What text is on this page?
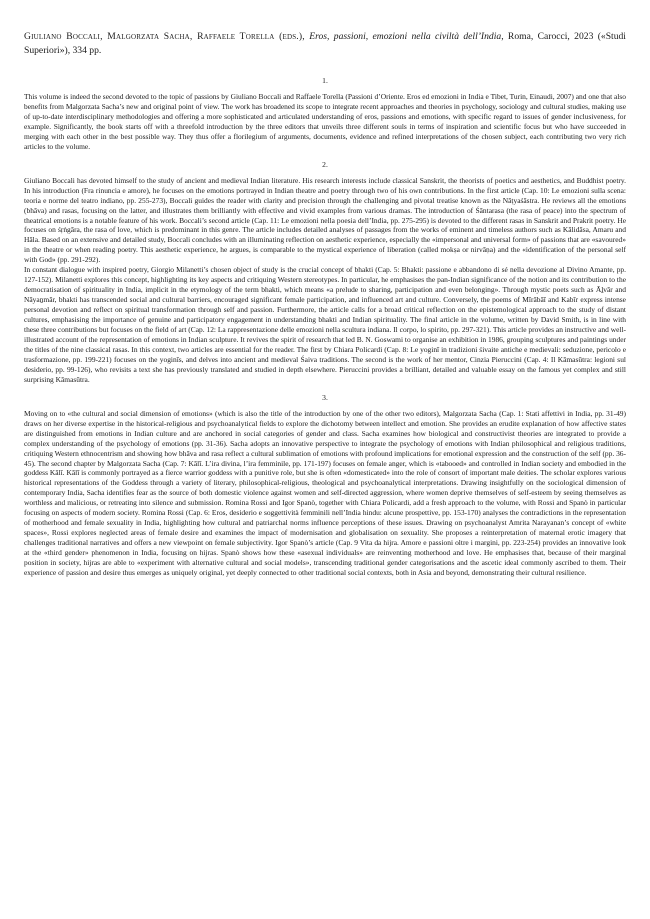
Giuliano Boccali, Malgorzata Sacha, Raffaele Torella (eds.), Eros, passioni, emozioni nella civiltà dell’India, Roma, Carocci, 2023 («Studi Superiori»), 334 pp.

1.

This volume is indeed the second devoted to the topic of passions by Giuliano Boccali and Raffaele Torella (Passioni d’Oriente. Eros ed emozioni in India e Tibet, Turin, Einaudi, 2007) and one that also benefits from Malgorzata Sacha’s new and original point of view. The work has broadened its scope to integrate recent approaches and theories in psychology, sociology and cultural studies, making use of up-to-date interdisciplinary methodologies and offering a more sophisticated and articulated understanding of eros, passions and emotions, with specific regard to issues of gender inclusiveness, for example. Significantly, the book starts off with a threefold introduction by the three editors that unveils three different souls in terms of inspiration and scientific focus but who have succeeded in merging with each other in the best possible way. They thus offer a florilegium of arguments, documents, evidence and refined interpretations of the chosen subject, each contributing two very rich articles to the volume.

2.

Giuliano Boccali has devoted himself to the study of ancient and medieval Indian literature. His research interests include classical Sanskrit, the theorists of poetics and aesthetics, and Buddhist poetry. In his introduction (Fra rinuncia e amore), he focuses on the emotions portrayed in Indian theatre and poetry through two of his own contributions. In the first article (Cap. 10: Le emozioni sulla scena: teoria e norme del teatro indiano, pp. 255-273), Boccali guides the reader with clarity and precision through the challenging and pivotal treatise known as the Nāṭyaśāstra. He reviews all the emotions (bhāva) and rasas, focusing on the latter, and illustrates them brilliantly with effective and vivid examples from various dramas. The introduction of Śāntarasa (the rasa of peace) into the spectrum of theatrical emotions is a notable feature of his work. Boccali’s second article (Cap. 11: Le emozioni nella poesia dell’India, pp. 275-295) is devoted to the different rasas in Sanskrit and Prakrit poetry. He focuses on śṛṅgāra, the rasa of love, which is predominant in this genre. The article includes detailed analyses of passages from the works of eminent and timeless authors such as Kālidāsa, Amaru and Hāla. Based on an extensive and detailed study, Boccali concludes with an illuminating reflection on aesthetic experience, especially the «impersonal and universal form» of passions that are «savoured» in the theatre or when reading poetry. This aesthetic experience, he argues, is comparable to the mystical experience of liberation (called mokṣa or nirvāṇa) and the «identification of the personal self with God» (pp. 291-292).

In constant dialogue with inspired poetry, Giorgio Milanetti’s chosen object of study is the crucial concept of bhakti (Cap. 5: Bhakti: passione e abbandono di sé nella devozione al Divino Amante, pp. 127-152). Milanetti explores this concept, highlighting its key aspects and critiquing Western stereotypes. In particular, he emphasises the pan-Indian significance of the notion and its contribution to the democratisation of spirituality in India, implicit in the etymology of the term bhakti, which means «a prelude to sharing, participation and even belonging». Through mystic poets such as Āḻvār and Nāyaṉmār, bhakti has transcended social and cultural barriers, encouraged significant female participation, and influenced art and culture. Conversely, the poems of Mīrābāī and Kabīr express intense personal devotion and reflect on spiritual transformation through self and passion. Furthermore, the article calls for a broad critical reflection on the epistemological approach to the study of distant cultures, emphasising the importance of genuine and participatory engagement in understanding bhakti and Indian spirituality. The final article in the volume, written by David Smith, is in line with these three contributions but focuses on the field of art (Cap. 12: La rappresentazione delle emozioni nella scultura indiana. Il corpo, lo spirito, pp. 297-321). This article provides an instructive and well-illustrated account of the representation of emotions in Indian sculpture. It revives the spirit of research that led B. N. Goswami to organise an exhibition in 1986, grouping sculptures and paintings under the titles of the nine classical rasas. In this context, two articles are essential for the reader. The first by Chiara Policardi (Cap. 8: Le yoginī in tradizioni śivaite antiche e medievali: seduzione, pericolo e trasformazione, pp. 199-221) focuses on the yoginīs, and delves into ancient and medieval Śaiva traditions. The second is the work of her mentor, Cinzia Pieruccini (Cap. 4: Il Kāmasūtra: legioni sul desiderio, pp. 99-126), who revisits a text she has previously translated and studied in depth elsewhere. Pieruccini provides a brilliant, detailed and valuable essay on the famous yet complex and still surprising Kāmasūtra.

3.

Moving on to «the cultural and social dimension of emotions» (which is also the title of the introduction by one of the other two editors), Malgorzata Sacha (Cap. 1: Stati affettivi in India, pp. 31-49) draws on her diverse expertise in the historical-religious and psychoanalytical fields to explore the dichotomy between intellect and emotion. She provides an erudite explanation of how affective states are distinguished from emotions in Indian culture and are anchored in social categories of gender and class. Sacha examines how biological and constructivist theories are integrated to provide a complex understanding of the psychology of emotions (pp. 31-36). Sacha adopts an innovative perspective to integrate the psychology of emotions with Indian philosophical and religious traditions, critiquing Western ethnocentrism and showing how bhāva and rasa reflect a cultural sublimation of emotions with profound implications for emotional expression and the construction of the self (pp. 36-45). The second chapter by Malgorzata Sacha (Cap. 7: Kālī. L’ira divina, l’ira femminile, pp. 171-197) focuses on female anger, which is «tabooed» and controlled in Indian society and embodied in the goddess Kālī. Kālī is commonly portrayed as a fierce warrior goddess with a punitive role, but she is often «domesticated» into the role of consort of important male deities. The scholar explores various historical representations of the Goddess through a variety of literary, philosophical-religious, theological and psychoanalytical interpretations. Drawing insightfully on the sociological dimension of contemporary India, Sacha identifies fear as the source of both domestic violence against women and self-directed aggression, where women deprive themselves of self-esteem by seeing themselves as worthless and malicious, or retreating into silence and submission. Romina Rossi and Igor Spanò, together with Chiara Policardi, add a fresh approach to the volume, with Rossi and Spanò in particular focusing on aspects of modern society. Romina Rossi (Cap. 6: Eros, desiderio e soggettività femminili nell’India hindu: alcune prospettive, pp. 153-170) analyses the contradictions in the representation of motherhood and female sexuality in India, highlighting how cultural and patriarchal norms influence perceptions of these issues. Drawing on psychoanalyst Amrita Narayanan’s concept of «white spaces», Rossi explores neglected areas of female desire and examines the impact of modernisation and globalisation on sexuality. She proposes a reinterpretation of maternal erotic imagery that challenges traditional narratives and offers a new viewpoint on female subjectivity. Igor Spanò’s article (Cap. 9 Vita da hijra. Amore e passioni oltre i margini, pp. 223-254) provides an innovative look at the «third gender» phenomenon in India, focusing on hijras. Spanò shows how these «asexual individuals» are reinventing motherhood and love. He emphasises that, because of their marginal position in society, hijras are able to «experiment with alternative cultural and social models», transcending traditional gender categorisations and the ascetic ideal commonly ascribed to them. Their experience of passion and desire thus emerges as uniquely original, yet deeply connected to other traditional social contexts, both in Asia and beyond, demonstrating their cultural resilience.
